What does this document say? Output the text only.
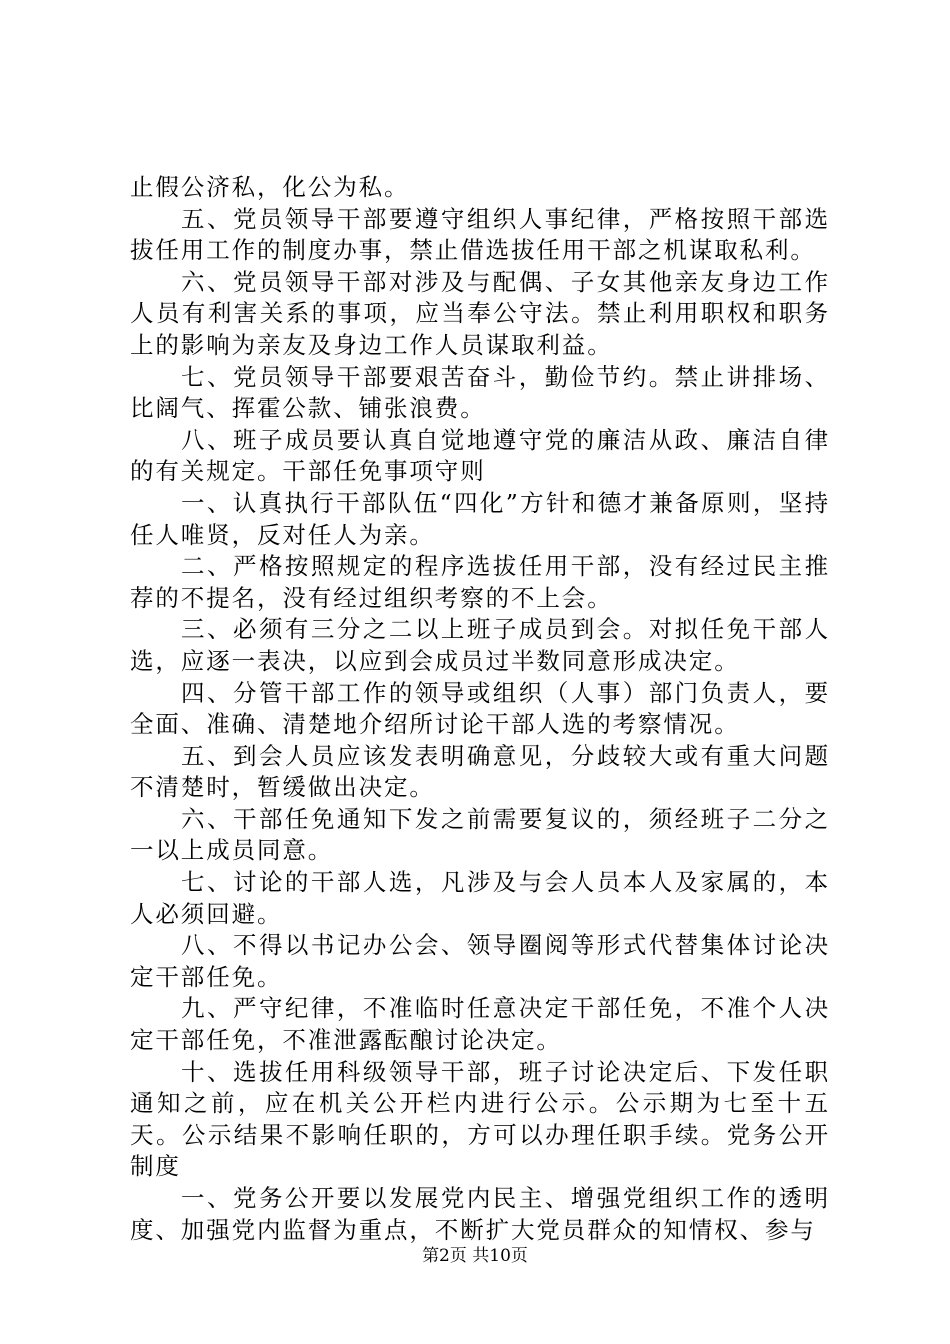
止假公济私，化公为私。

五、党员领导干部要遵守组织人事纪律，严格按照干部选拔任用工作的制度办事，禁止借选拔任用干部之机谋取私利。

六、党员领导干部对涉及与配偶、子女其他亲友身边工作人员有利害关系的事项，应当奉公守法。禁止利用职权和职务上的影响为亲友及身边工作人员谋取利益。

七、党员领导干部要艰苦奋斗，勤俭节约。禁止讲排场、比阔气、挥霍公款、铺张浪费。

八、班子成员要认真自觉地遵守党的廉洁从政、廉洁自律的有关规定。干部任免事项守则

一、认真执行干部队伍“四化”方针和德才兼备原则，坚持任人唯贤，反对任人为亲。

二、严格按照规定的程序选拔任用干部，没有经过民主推荐的不提名，没有经过组织考察的不上会。

三、必须有三分之二以上班子成员到会。对拟任免干部人选，应逐一表决，以应到会成员过半数同意形成决定。

四、分管干部工作的领导或组织（人事）部门负责人，要全面、准确、清楚地介绍所讨论干部人选的考察情况。

五、到会人员应该发表明确意见，分歧较大或有重大问题不清楚时，暂缓做出决定。

六、干部任免通知下发之前需要复议的，须经班子二分之一以上成员同意。

七、讨论的干部人选，凡涉及与会人员本人及家属的，本人必须回避。

八、不得以书记办公会、领导圈阅等形式代替集体讨论决定干部任免。

九、严守纪律，不准临时任意决定干部任免，不准个人决定干部任免，不准泄露酝酿讨论决定。

十、选拔任用科级领导干部，班子讨论决定后、下发任职通知之前，应在机关公开栏内进行公示。公示期为七至十五天。公示结果不影响任职的，方可以办理任职手续。党务公开制度

一、党务公开要以发展党内民主、增强党组织工作的透明度、加强党内监督为重点，不断扩大党员群众的知情权、参与

第2页 共10页
